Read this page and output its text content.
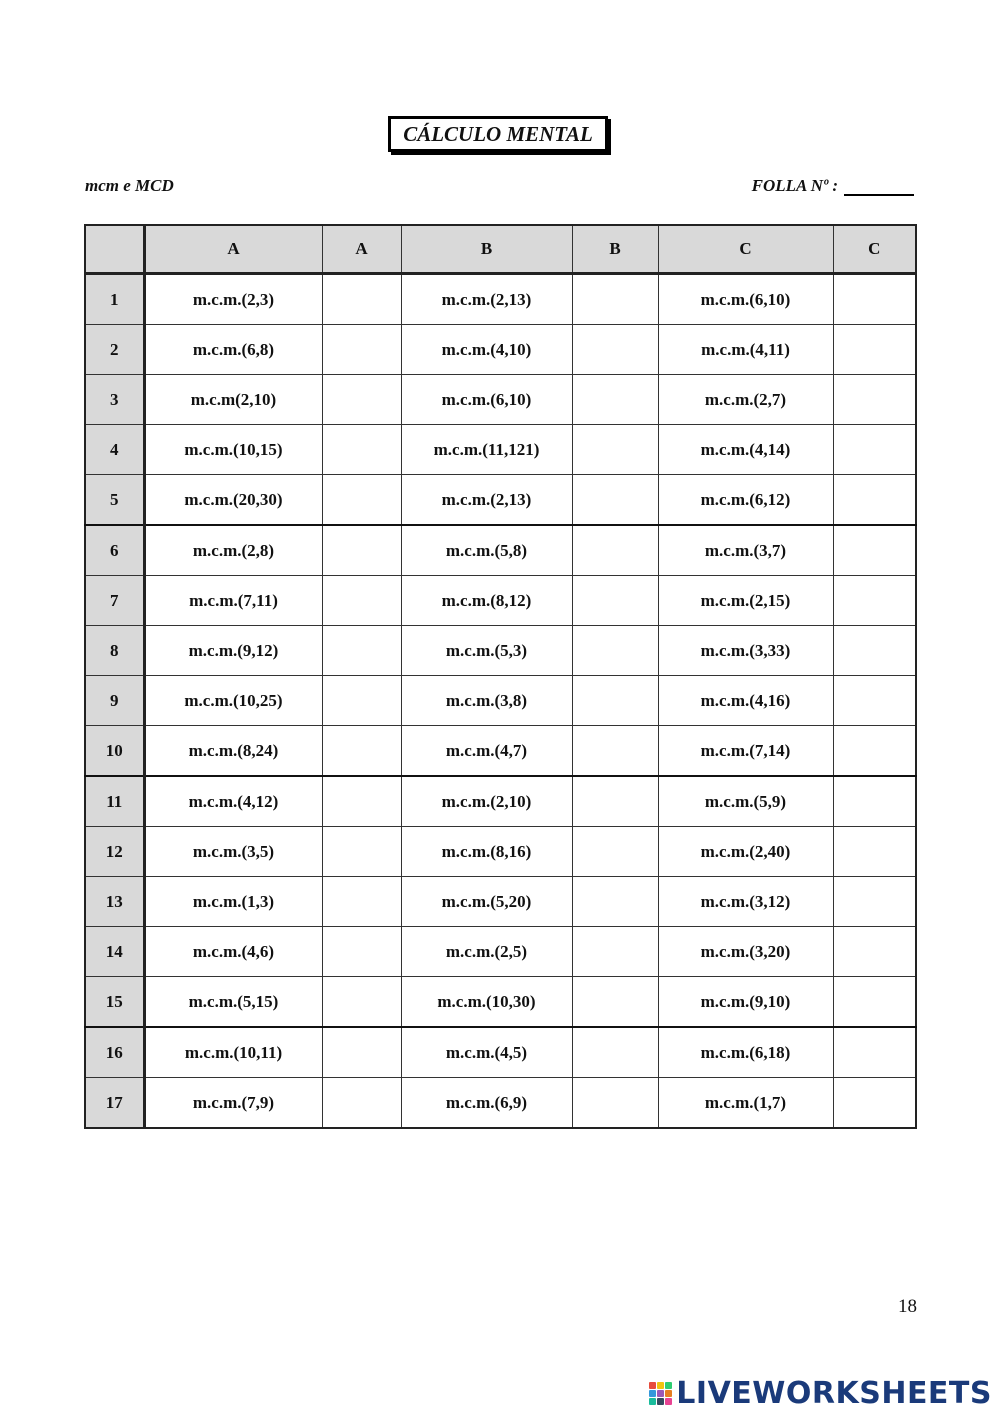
CÁLCULO MENTAL
mcm e MCD	FOLLA Nº :
	A	A	B	B	C	C
1	m.c.m.(2,3)		m.c.m.(2,13)		m.c.m.(6,10)	
2	m.c.m.(6,8)		m.c.m.(4,10)		m.c.m.(4,11)	
3	m.c.m(2,10)		m.c.m.(6,10)		m.c.m.(2,7)	
4	m.c.m.(10,15)		m.c.m.(11,121)		m.c.m.(4,14)	
5	m.c.m.(20,30)		m.c.m.(2,13)		m.c.m.(6,12)	
6	m.c.m.(2,8)		m.c.m.(5,8)		m.c.m.(3,7)	
7	m.c.m.(7,11)		m.c.m.(8,12)		m.c.m.(2,15)	
8	m.c.m.(9,12)		m.c.m.(5,3)		m.c.m.(3,33)	
9	m.c.m.(10,25)		m.c.m.(3,8)		m.c.m.(4,16)	
10	m.c.m.(8,24)		m.c.m.(4,7)		m.c.m.(7,14)	
11	m.c.m.(4,12)		m.c.m.(2,10)		m.c.m.(5,9)	
12	m.c.m.(3,5)		m.c.m.(8,16)		m.c.m.(2,40)	
13	m.c.m.(1,3)		m.c.m.(5,20)		m.c.m.(3,12)	
14	m.c.m.(4,6)		m.c.m.(2,5)		m.c.m.(3,20)	
15	m.c.m.(5,15)		m.c.m.(10,30)		m.c.m.(9,10)	
16	m.c.m.(10,11)		m.c.m.(4,5)		m.c.m.(6,18)	
17	m.c.m.(7,9)		m.c.m.(6,9)		m.c.m.(1,7)	
18
LIVEWORKSHEETS
